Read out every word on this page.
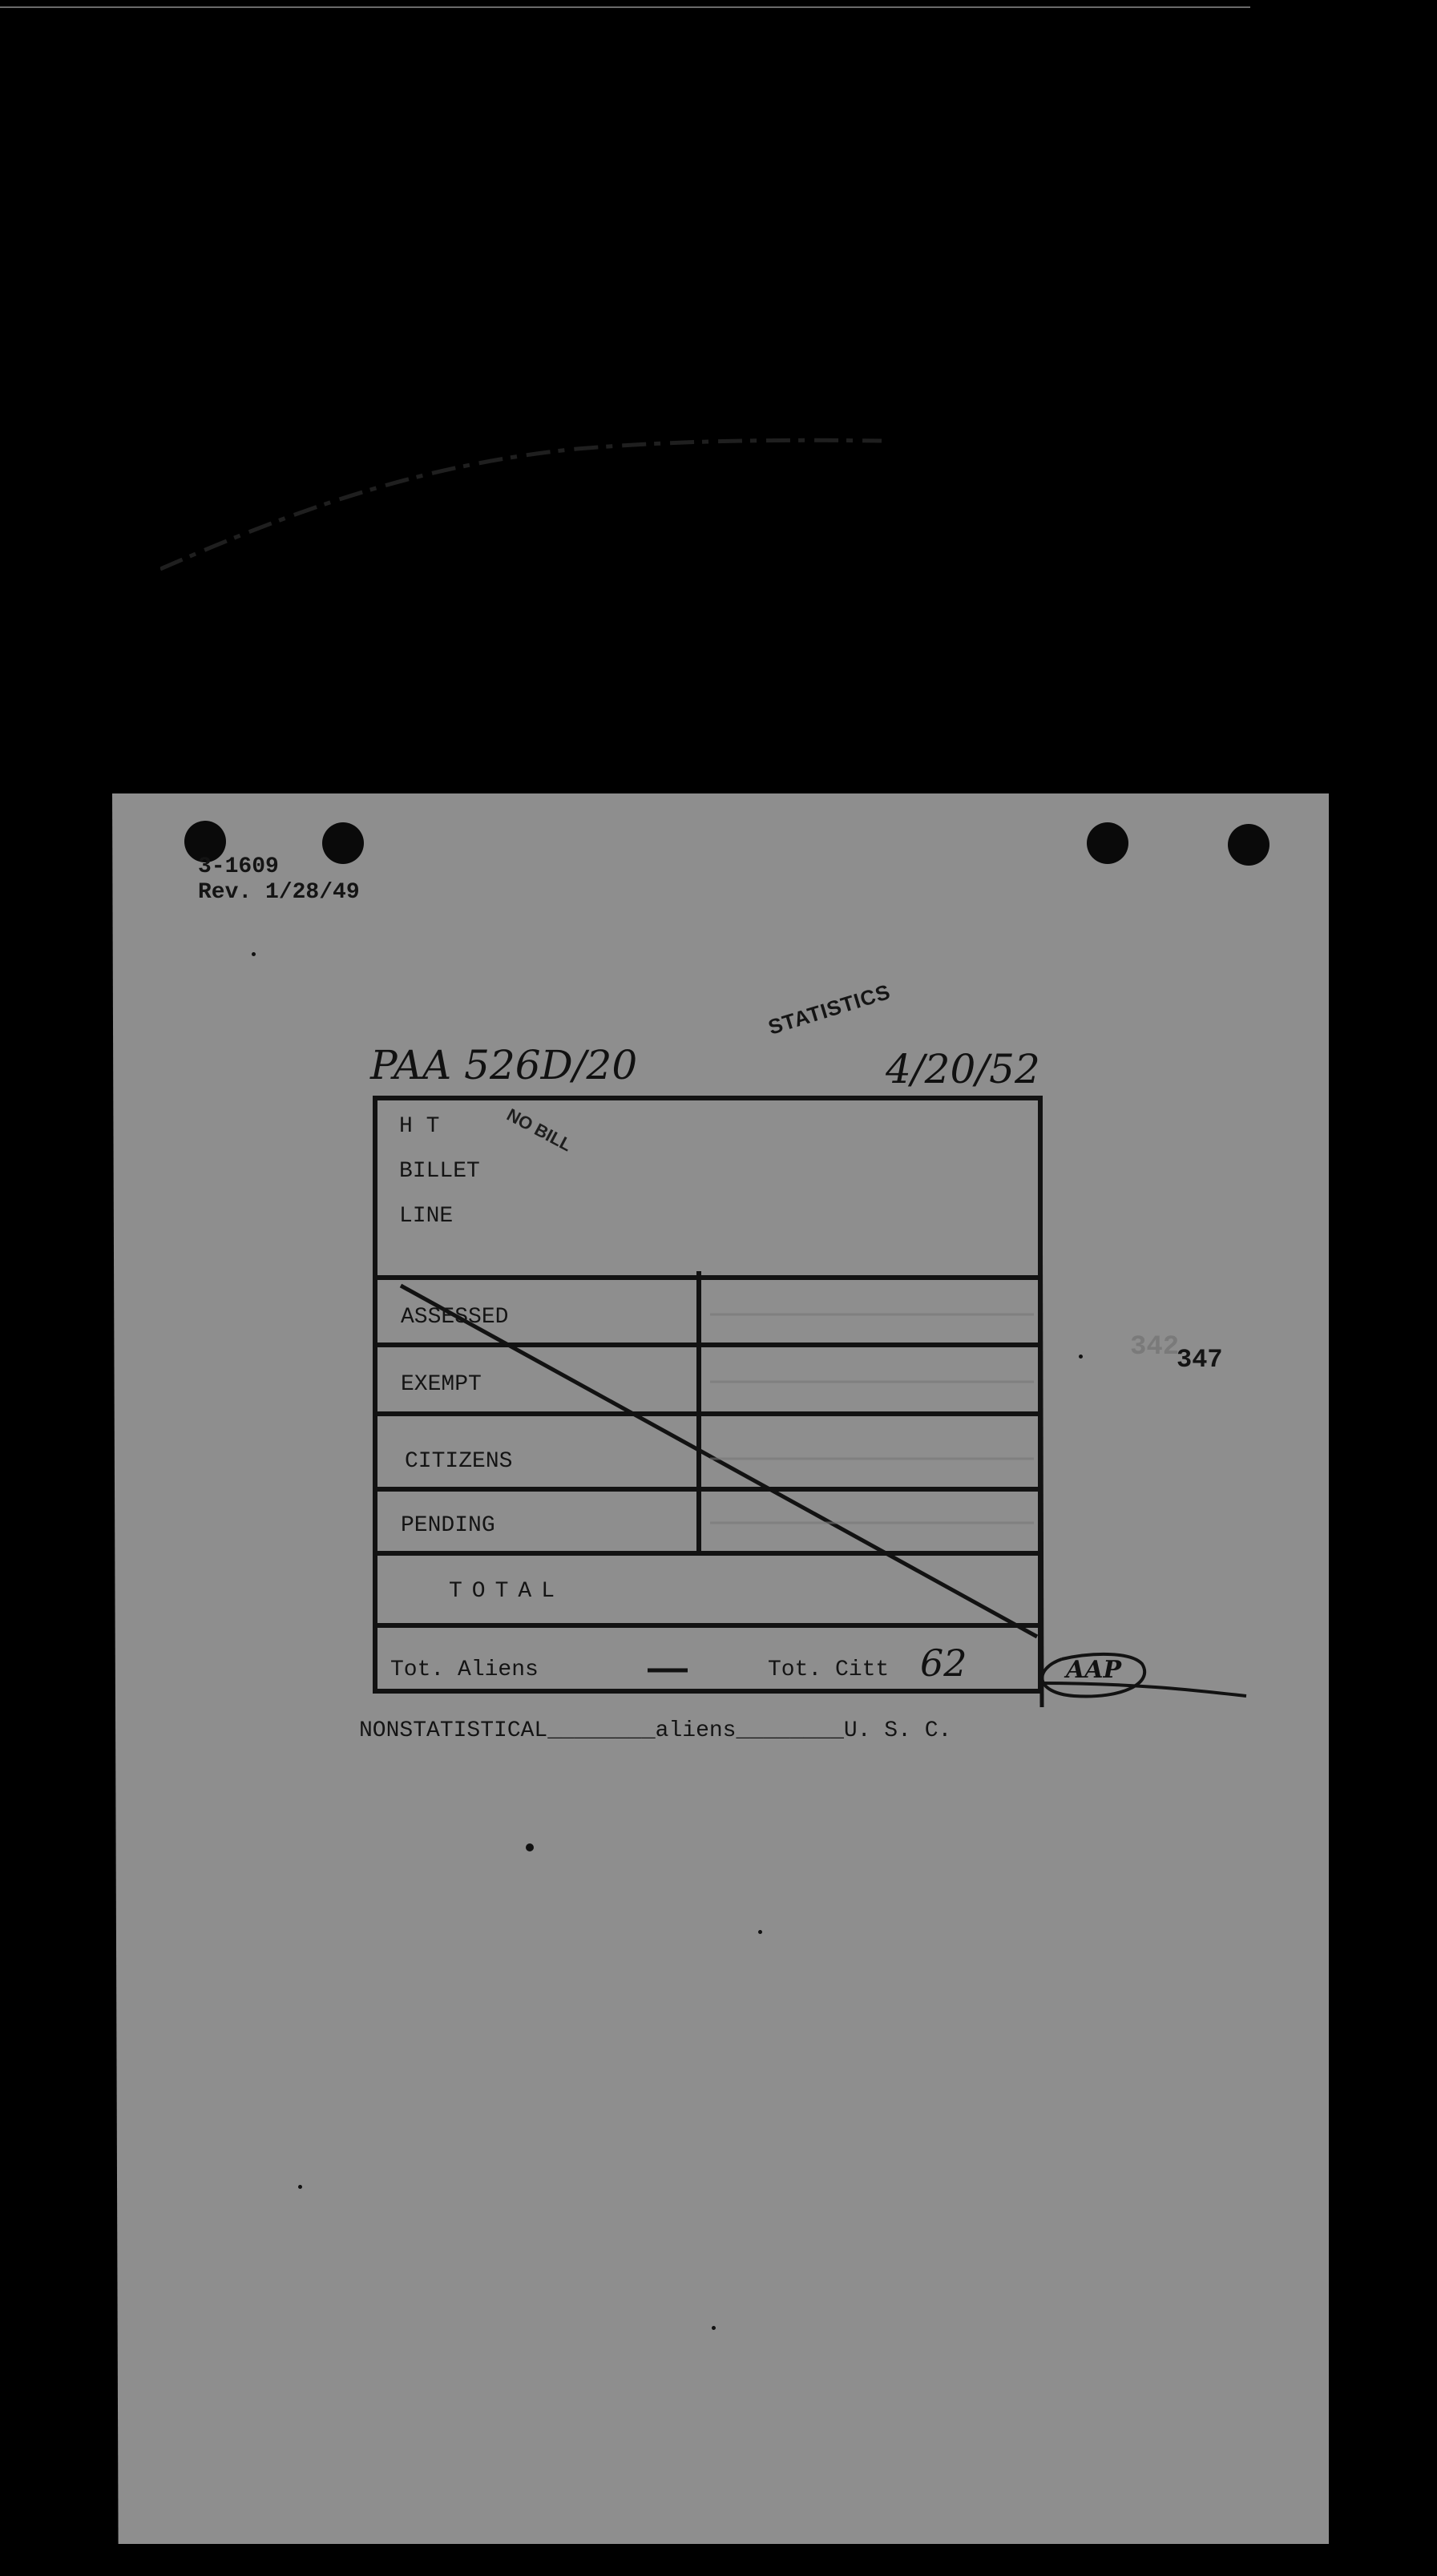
3-1609
Rev. 1/28/49
PAA 526D/20
STATISTICS
4/20/52
NO BILL
H T
BILLET
LINE
ASSESSED
EXEMPT
CITIZENS
PENDING
TOTAL
Tot. Aliens	Tot. Citt 62	AAP
NONSTATISTICAL________aliens________U. S. C.
342
347
